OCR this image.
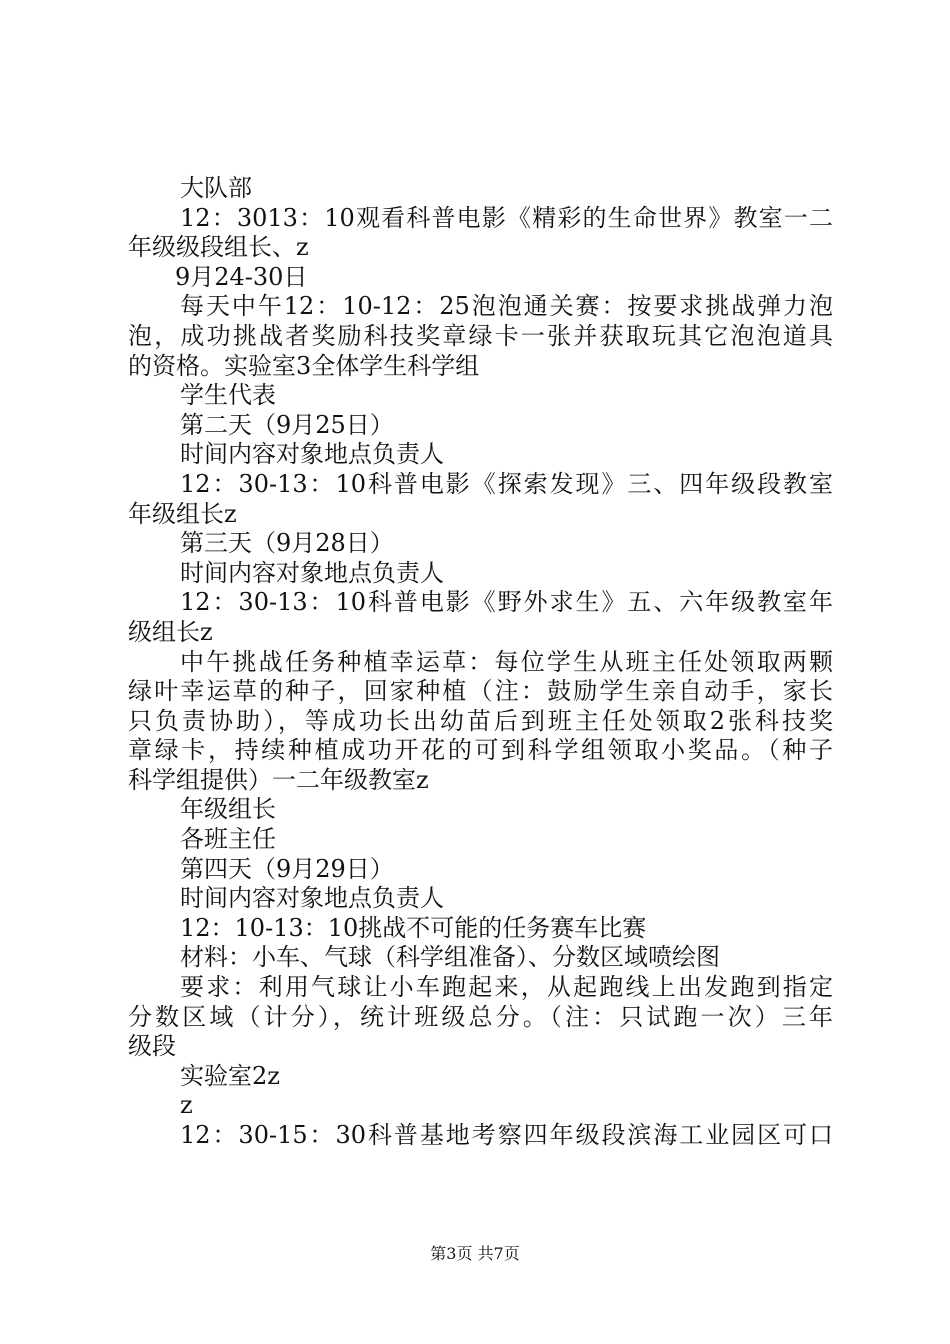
大队部
12：3013：10观看科普电影《精彩的生命世界》教室一二
年级级段组长、z
9月24-30日
每天中午12：10-12：25泡泡通关赛：按要求挑战弹力泡
泡，成功挑战者奖励科技奖章绿卡一张并获取玩其它泡泡道具
的资格。实验室3全体学生科学组
学生代表
第二天（9月25日）
时间内容对象地点负责人
12：30-13：10科普电影《探索发现》三、四年级段教室
年级组长z
第三天（9月28日）
时间内容对象地点负责人
12：30-13：10科普电影《野外求生》五、六年级教室年
级组长z
中午挑战任务种植幸运草：每位学生从班主任处领取两颗
绿叶幸运草的种子，回家种植（注：鼓励学生亲自动手，家长
只负责协助），等成功长出幼苗后到班主任处领取2张科技奖
章绿卡，持续种植成功开花的可到科学组领取小奖品。（种子
科学组提供）一二年级教室z
年级组长
各班主任
第四天（9月29日）
时间内容对象地点负责人
12：10-13：10挑战不可能的任务赛车比赛
材料：小车、气球（科学组准备）、分数区域喷绘图
要求：利用气球让小车跑起来，从起跑线上出发跑到指定
分数区域（计分），统计班级总分。（注：只试跑一次）三年
级段
实验室2z
z
12：30-15：30科普基地考察四年级段滨海工业园区可口
第3页 共7页
